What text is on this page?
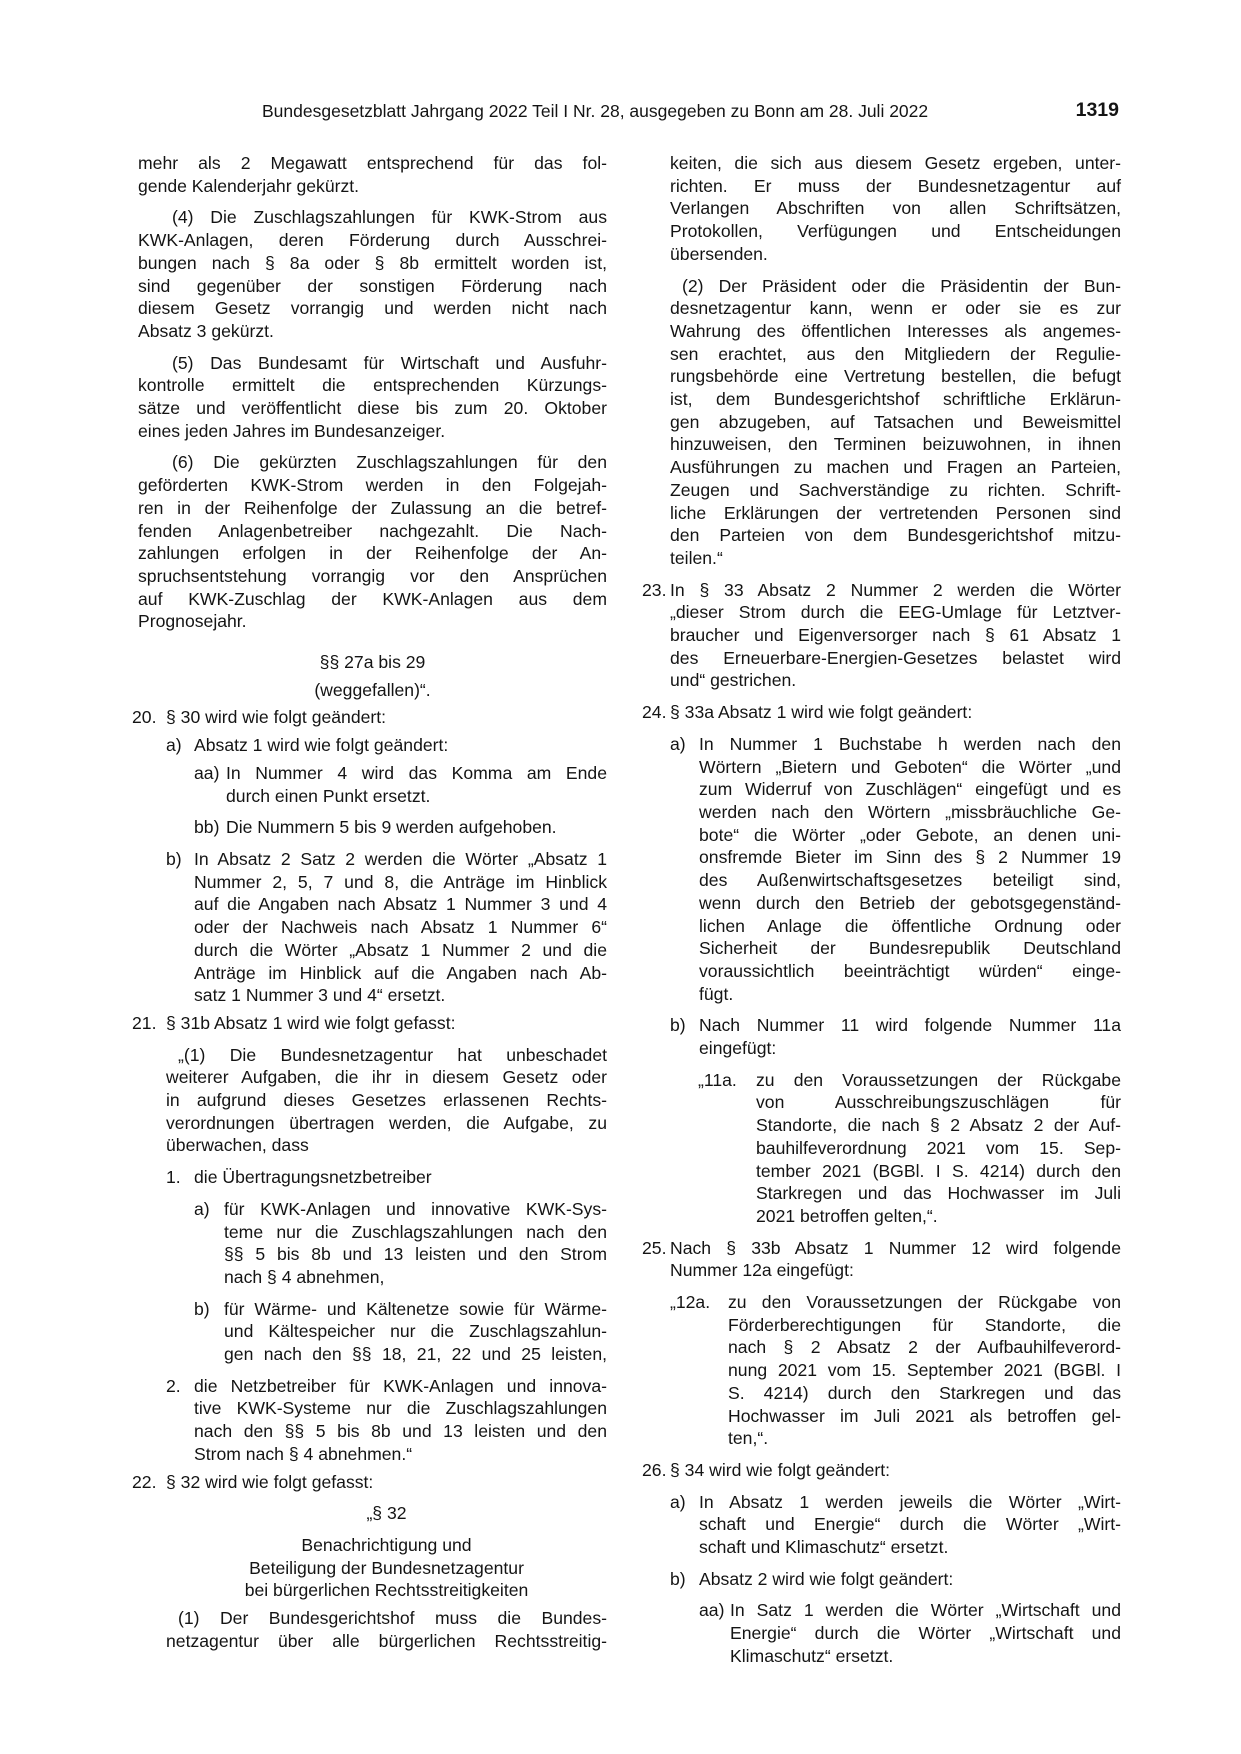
Bundesgesetzblatt Jahrgang 2022 Teil I Nr. 28, ausgegeben zu Bonn am 28. Juli 2022	1319

mehr als 2 Megawatt entsprechend für das fol-
gende Kalenderjahr gekürzt.

(4) Die Zuschlagszahlungen für KWK-Strom aus
KWK-Anlagen, deren Förderung durch Ausschrei-
bungen nach § 8a oder § 8b ermittelt worden ist,
sind gegenüber der sonstigen Förderung nach
diesem Gesetz vorrangig und werden nicht nach
Absatz 3 gekürzt.

(5) Das Bundesamt für Wirtschaft und Ausfuhr-
kontrolle ermittelt die entsprechenden Kürzungs-
sätze und veröffentlicht diese bis zum 20. Oktober
eines jeden Jahres im Bundesanzeiger.

(6) Die gekürzten Zuschlagszahlungen für den
geförderten KWK-Strom werden in den Folgejah-
ren in der Reihenfolge der Zulassung an die betref-
fenden Anlagenbetreiber nachgezahlt. Die Nach-
zahlungen erfolgen in der Reihenfolge der An-
spruchsentstehung vorrangig vor den Ansprüchen
auf KWK-Zuschlag der KWK-Anlagen aus dem
Prognosejahr.

§§ 27a bis 29

(weggefallen)“.

20. § 30 wird wie folgt geändert:

a) Absatz 1 wird wie folgt geändert:

aa) In Nummer 4 wird das Komma am Ende
durch einen Punkt ersetzt.
bb) Die Nummern 5 bis 9 werden aufgehoben.

b) In Absatz 2 Satz 2 werden die Wörter „Absatz 1
Nummer 2, 5, 7 und 8, die Anträge im Hinblick
auf die Angaben nach Absatz 1 Nummer 3 und 4
oder der Nachweis nach Absatz 1 Nummer 6“
durch die Wörter „Absatz 1 Nummer 2 und die
Anträge im Hinblick auf die Angaben nach Ab-
satz 1 Nummer 3 und 4“ ersetzt.
21. § 31b Absatz 1 wird wie folgt gefasst:

„(1) Die Bundesnetzagentur hat unbeschadet
weiterer Aufgaben, die ihr in diesem Gesetz oder
in aufgrund dieses Gesetzes erlassenen Rechts-
verordnungen übertragen werden, die Aufgabe, zu
überwachen, dass
1. die Übertragungsnetzbetreiber

a) für KWK-Anlagen und innovative KWK-Sys-
teme nur die Zuschlagszahlungen nach den
§§ 5 bis 8b und 13 leisten und den Strom
nach § 4 abnehmen,
b) für Wärme- und Kältenetze sowie für Wärme-
und Kältespeicher nur die Zuschlagszahlun-
gen nach den §§ 18, 21, 22 und 25 leisten,
2. die Netzbetreiber für KWK-Anlagen und innova-
tive KWK-Systeme nur die Zuschlagszahlungen
nach den §§ 5 bis 8b und 13 leisten und den
Strom nach § 4 abnehmen.“
22. § 32 wird wie folgt gefasst:

„§ 32

Benachrichtigung und

Beteiligung der Bundesnetzagentur

bei bürgerlichen Rechtsstreitigkeiten

(1) Der Bundesgerichtshof muss die Bundes-
netzagentur über alle bürgerlichen Rechtsstreitig-
keiten, die sich aus diesem Gesetz ergeben, unter-
richten. Er muss der Bundesnetzagentur auf
Verlangen Abschriften von allen Schriftsätzen,
Protokollen, Verfügungen und Entscheidungen
übersenden.
(2) Der Präsident oder die Präsidentin der Bun-
desnetzagentur kann, wenn er oder sie es zur
Wahrung des öffentlichen Interesses als angemes-
sen erachtet, aus den Mitgliedern der Regulie-
rungsbehörde eine Vertretung bestellen, die befugt
ist, dem Bundesgerichtshof schriftliche Erklärun-
gen abzugeben, auf Tatsachen und Beweismittel
hinzuweisen, den Terminen beizuwohnen, in ihnen
Ausführungen zu machen und Fragen an Parteien,
Zeugen und Sachverständige zu richten. Schrift-
liche Erklärungen der vertretenden Personen sind
den Parteien von dem Bundesgerichtshof mitzu-
teilen.“
23. In § 33 Absatz 2 Nummer 2 werden die Wörter
„dieser Strom durch die EEG-Umlage für Letztver-
braucher und Eigenversorger nach § 61 Absatz 1
des Erneuerbare-Energien-Gesetzes belastet wird
und“ gestrichen.
24. § 33a Absatz 1 wird wie folgt geändert:

a) In Nummer 1 Buchstabe h werden nach den
Wörtern „Bietern und Geboten“ die Wörter „und
zum Widerruf von Zuschlägen“ eingefügt und es
werden nach den Wörtern „missbräuchliche Ge-
bote“ die Wörter „oder Gebote, an denen uni-
onsfremde Bieter im Sinn des § 2 Nummer 19
des Außenwirtschaftsgesetzes beteiligt sind,
wenn durch den Betrieb der gebotsgegenständ-
lichen Anlage die öffentliche Ordnung oder
Sicherheit der Bundesrepublik Deutschland
voraussichtlich beeinträchtigt würden“ einge-
fügt.
b) Nach Nummer 11 wird folgende Nummer 11a
eingefügt:
„11a. zu den Voraussetzungen der Rückgabe
von Ausschreibungszuschlägen für
Standorte, die nach § 2 Absatz 2 der Auf-
bauhilfeverordnung 2021 vom 15. Sep-
tember 2021 (BGBl. I S. 4214) durch den
Starkregen und das Hochwasser im Juli
2021 betroffen gelten,“.
25. Nach § 33b Absatz 1 Nummer 12 wird folgende
Nummer 12a eingefügt:
„12a. zu den Voraussetzungen der Rückgabe von
Förderberechtigungen für Standorte, die
nach § 2 Absatz 2 der Aufbauhilfeverord-
nung 2021 vom 15. September 2021 (BGBl. I
S. 4214) durch den Starkregen und das
Hochwasser im Juli 2021 als betroffen gel-
ten,“.
26. § 34 wird wie folgt geändert:

a) In Absatz 1 werden jeweils die Wörter „Wirt-
schaft und Energie“ durch die Wörter „Wirt-
schaft und Klimaschutz“ ersetzt.
b) Absatz 2 wird wie folgt geändert:

aa) In Satz 1 werden die Wörter „Wirtschaft und
Energie“ durch die Wörter „Wirtschaft und
Klimaschutz“ ersetzt.
